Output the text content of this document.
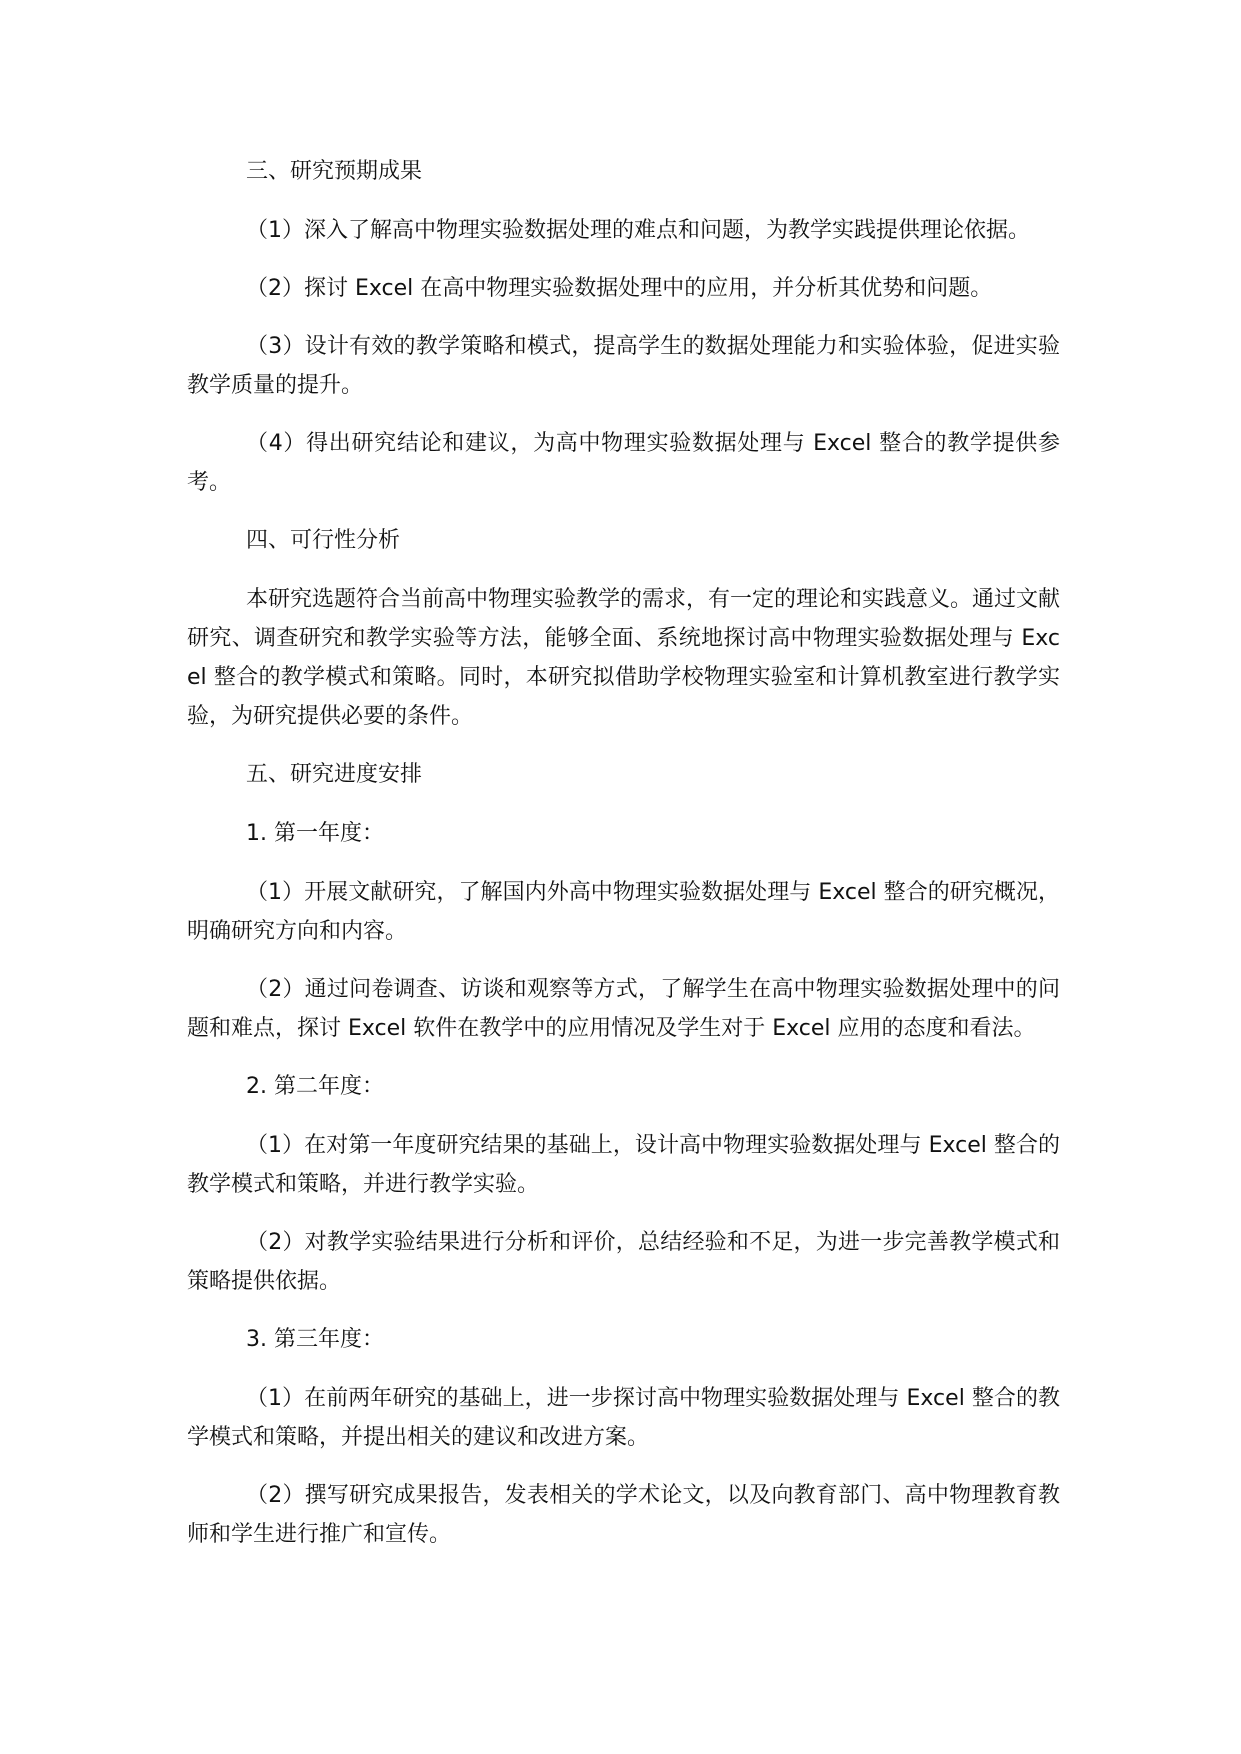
三、研究预期成果

（1）深入了解高中物理实验数据处理的难点和问题，为教学实践提供理论依据。

（2）探讨 Excel 在高中物理实验数据处理中的应用，并分析其优势和问题。

（3）设计有效的教学策略和模式，提高学生的数据处理能力和实验体验，促进实验教学质量的提升。

（4）得出研究结论和建议，为高中物理实验数据处理与 Excel 整合的教学提供参考。

四、可行性分析

本研究选题符合当前高中物理实验教学的需求，有一定的理论和实践意义。通过文献研究、调查研究和教学实验等方法，能够全面、系统地探讨高中物理实验数据处理与 Excel 整合的教学模式和策略。同时，本研究拟借助学校物理实验室和计算机教室进行教学实验，为研究提供必要的条件。

五、研究进度安排

1. 第一年度：

（1）开展文献研究，了解国内外高中物理实验数据处理与 Excel 整合的研究概况，明确研究方向和内容。

（2）通过问卷调查、访谈和观察等方式，了解学生在高中物理实验数据处理中的问题和难点，探讨 Excel 软件在教学中的应用情况及学生对于 Excel 应用的态度和看法。

2. 第二年度：

（1）在对第一年度研究结果的基础上，设计高中物理实验数据处理与 Excel 整合的教学模式和策略，并进行教学实验。

（2）对教学实验结果进行分析和评价，总结经验和不足，为进一步完善教学模式和策略提供依据。

3. 第三年度：

（1）在前两年研究的基础上，进一步探讨高中物理实验数据处理与 Excel 整合的教学模式和策略，并提出相关的建议和改进方案。

（2）撰写研究成果报告，发表相关的学术论文，以及向教育部门、高中物理教育教师和学生进行推广和宣传。
